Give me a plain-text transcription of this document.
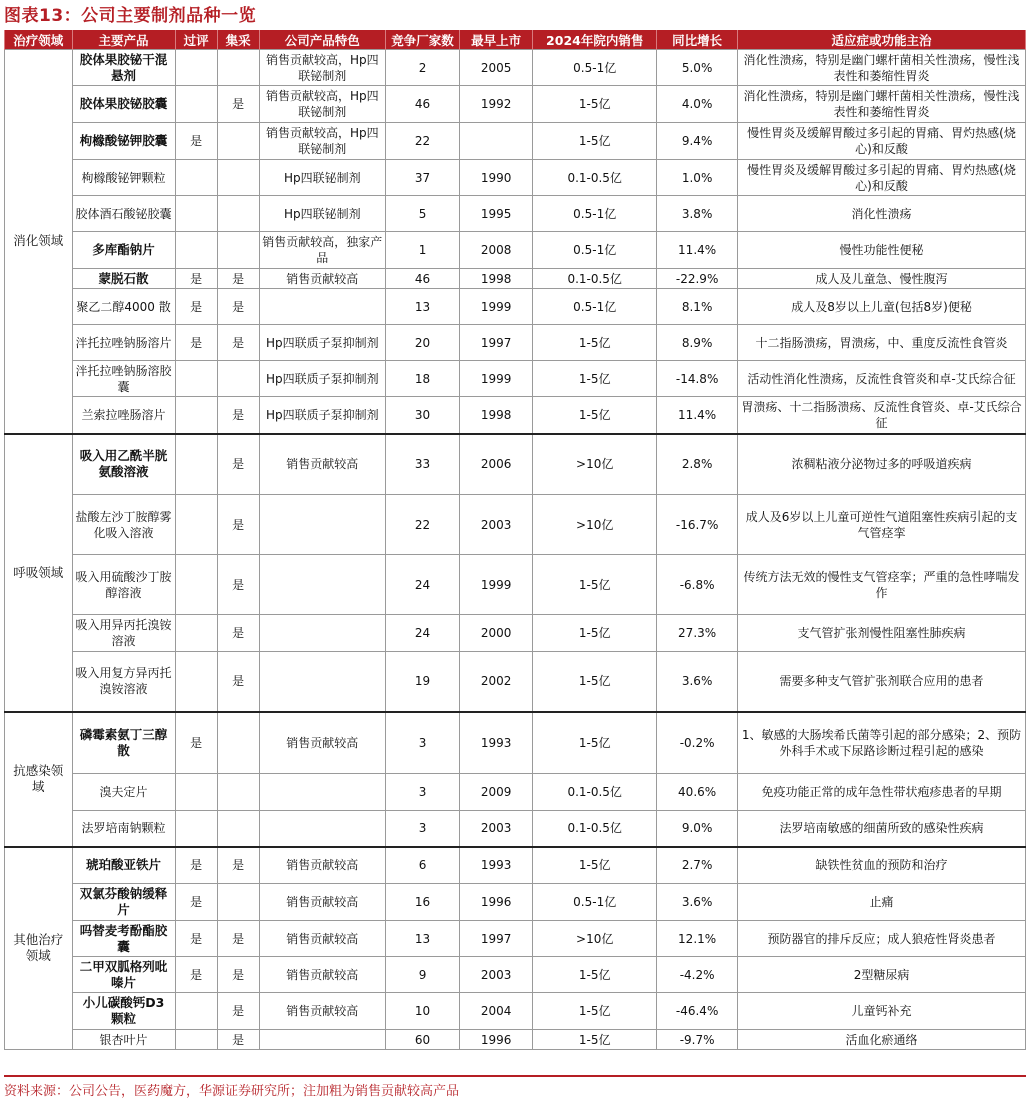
图表13：公司主要制剂品种一览
治疗领域	主要产品	过评	集采	公司产品特色	竞争厂家数	最早上市	2024年院内销售	同比增长	适应症或功能主治
消化领域	胶体果胶铋干混悬剂			销售贡献较高，Hp四联铋制剂	2	2005	0.5-1亿	5.0%	消化性溃疡，特别是幽门螺杆菌相关性溃疡，慢性浅表性和萎缩性胃炎
	胶体果胶铋胶囊		是	销售贡献较高，Hp四联铋制剂	46	1992	1-5亿	4.0%	消化性溃疡，特别是幽门螺杆菌相关性溃疡，慢性浅表性和萎缩性胃炎
	枸橼酸铋钾胶囊	是		销售贡献较高，Hp四联铋制剂	22		1-5亿	9.4%	慢性胃炎及缓解胃酸过多引起的胃痛、胃灼热感(烧心)和反酸
	枸橼酸铋钾颗粒			Hp四联铋制剂	37	1990	0.1-0.5亿	1.0%	慢性胃炎及缓解胃酸过多引起的胃痛、胃灼热感(烧心)和反酸
	胶体酒石酸铋胶囊			Hp四联铋制剂	5	1995	0.5-1亿	3.8%	消化性溃疡
	多库酯钠片			销售贡献较高，独家产品	1	2008	0.5-1亿	11.4%	慢性功能性便秘
	蒙脱石散	是	是	销售贡献较高	46	1998	0.1-0.5亿	-22.9%	成人及儿童急、慢性腹泻
	聚乙二醇4000 散	是	是		13	1999	0.5-1亿	8.1%	成人及8岁以上儿童(包括8岁)便秘
	泮托拉唑钠肠溶片	是	是	Hp四联质子泵抑制剂	20	1997	1-5亿	8.9%	十二指肠溃疡，胃溃疡，中、重度反流性食管炎
	泮托拉唑钠肠溶胶囊			Hp四联质子泵抑制剂	18	1999	1-5亿	-14.8%	活动性消化性溃疡，反流性食管炎和卓-艾氏综合征
	兰索拉唑肠溶片		是	Hp四联质子泵抑制剂	30	1998	1-5亿	11.4%	胃溃疡、十二指肠溃疡、反流性食管炎、卓-艾氏综合征
呼吸领域	吸入用乙酰半胱氨酸溶液		是	销售贡献较高	33	2006	>10亿	2.8%	浓稠粘液分泌物过多的呼吸道疾病
	盐酸左沙丁胺醇雾化吸入溶液		是		22	2003	>10亿	-16.7%	成人及6岁以上儿童可逆性气道阻塞性疾病引起的支气管痉挛
	吸入用硫酸沙丁胺醇溶液		是		24	1999	1-5亿	-6.8%	传统方法无效的慢性支气管痉挛；严重的急性哮喘发作
	吸入用异丙托溴铵溶液		是		24	2000	1-5亿	27.3%	支气管扩张剂慢性阻塞性肺疾病
	吸入用复方异丙托溴铵溶液		是		19	2002	1-5亿	3.6%	需要多种支气管扩张剂联合应用的患者
抗感染领域	磷霉素氨丁三醇散	是		销售贡献较高	3	1993	1-5亿	-0.2%	1、敏感的大肠埃希氏菌等引起的部分感染；2、预防外科手术或下尿路诊断过程引起的感染
	溴夫定片				3	2009	0.1-0.5亿	40.6%	免疫功能正常的成年急性带状疱疹患者的早期
	法罗培南钠颗粒				3	2003	0.1-0.5亿	9.0%	法罗培南敏感的细菌所致的感染性疾病
其他治疗领域	琥珀酸亚铁片	是	是	销售贡献较高	6	1993	1-5亿	2.7%	缺铁性贫血的预防和治疗
	双氯芬酸钠缓释片	是		销售贡献较高	16	1996	0.5-1亿	3.6%	止痛
	吗替麦考酚酯胶囊	是	是	销售贡献较高	13	1997	>10亿	12.1%	预防器官的排斥反应；成人狼疮性肾炎患者
	二甲双胍格列吡嗪片	是	是	销售贡献较高	9	2003	1-5亿	-4.2%	2型糖尿病
	小儿碳酸钙D3 颗粒		是	销售贡献较高	10	2004	1-5亿	-46.4%	儿童钙补充
	银杏叶片		是		60	1996	1-5亿	-9.7%	活血化瘀通络
资料来源：公司公告，医药魔方，华源证券研究所；注加粗为销售贡献较高产品
